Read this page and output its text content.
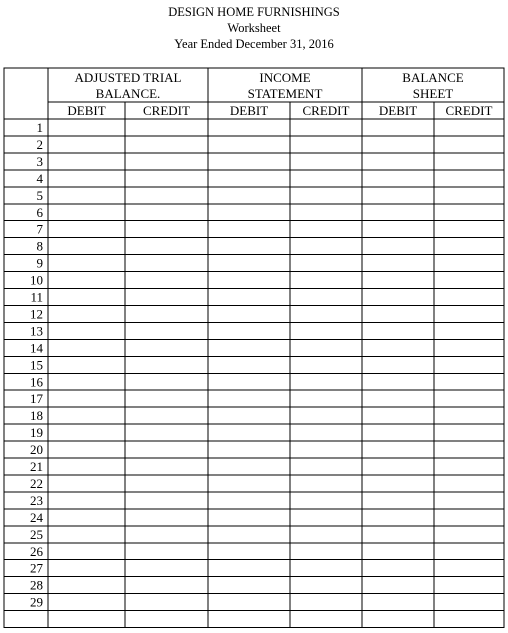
DESIGN HOME FURNISHINGS
Worksheet
Year Ended December 31, 2016
ADJUSTED TRIAL
BALANCE.
INCOME
STATEMENT
BALANCE
SHEET
DEBIT	CREDIT	DEBIT	CREDIT DEBIT CREDIT
1
2
3
4
5
6
7
8
9
10
11
12
13
14
15
16
17
18
19
20
21
22
23
24
25
26
27
28
29
